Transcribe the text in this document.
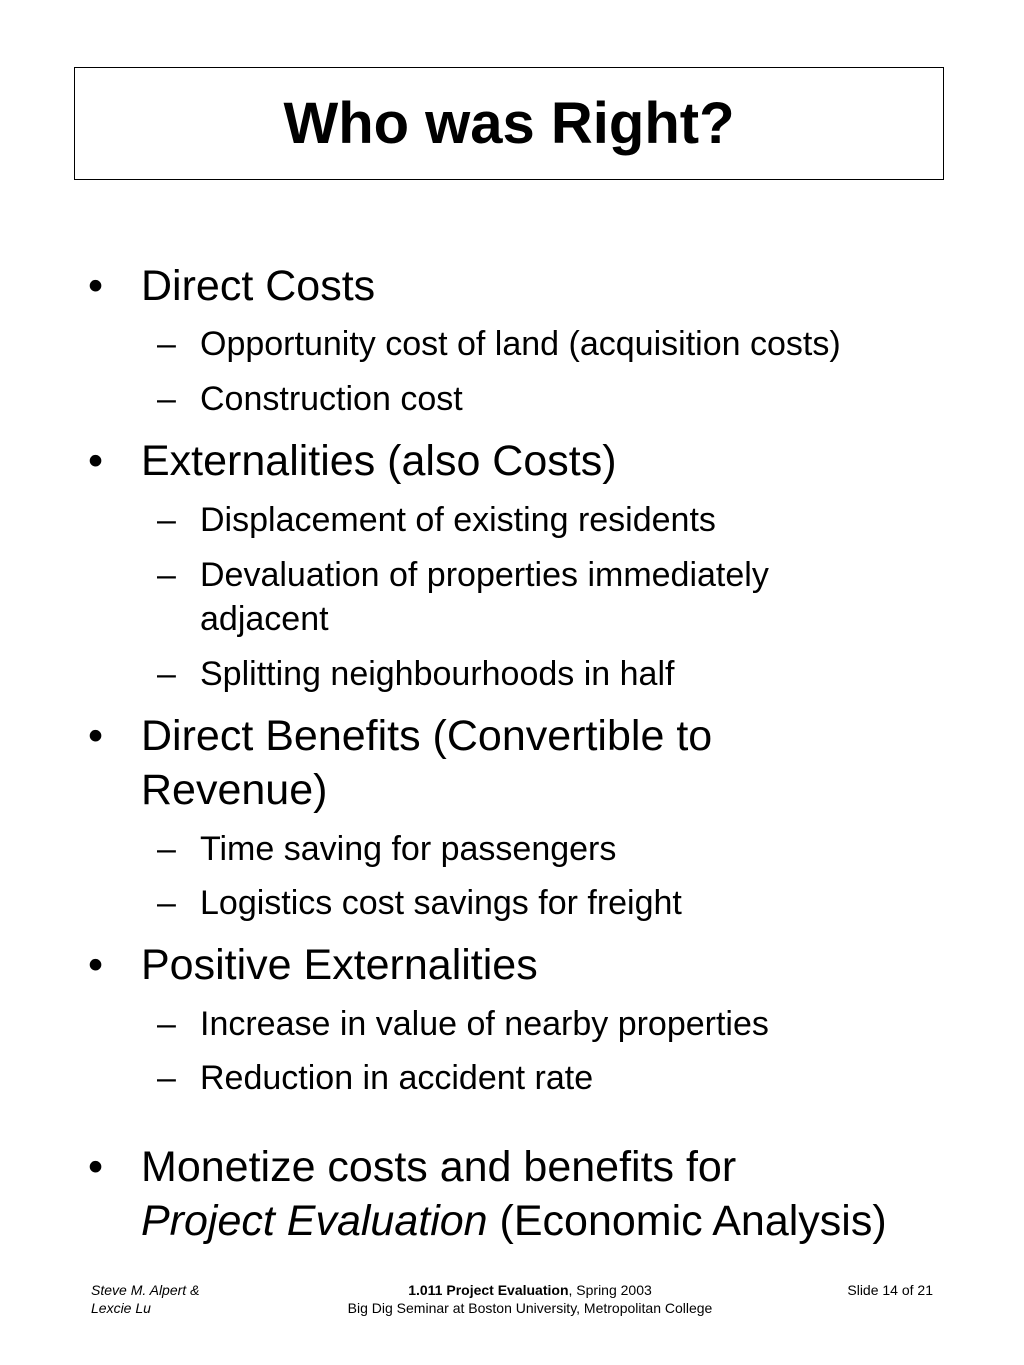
Who was Right?
• Direct Costs
– Opportunity cost of land (acquisition costs)
– Construction cost
• Externalities (also Costs)
– Displacement of existing residents
– Devaluation of properties immediately
adjacent
– Splitting neighbourhoods in half
• Direct Benefits (Convertible to
Revenue)
– Time saving for passengers
– Logistics cost savings for freight
• Positive Externalities
– Increase in value of nearby properties
– Reduction in accident rate
• Monetize costs and benefits for
Project Evaluation (Economic Analysis)
Steve M. Alpert &
Lexcie Lu
1.011 Project Evaluation, Spring 2003
Big Dig Seminar at Boston University, Metropolitan College
Slide 14 of 21
